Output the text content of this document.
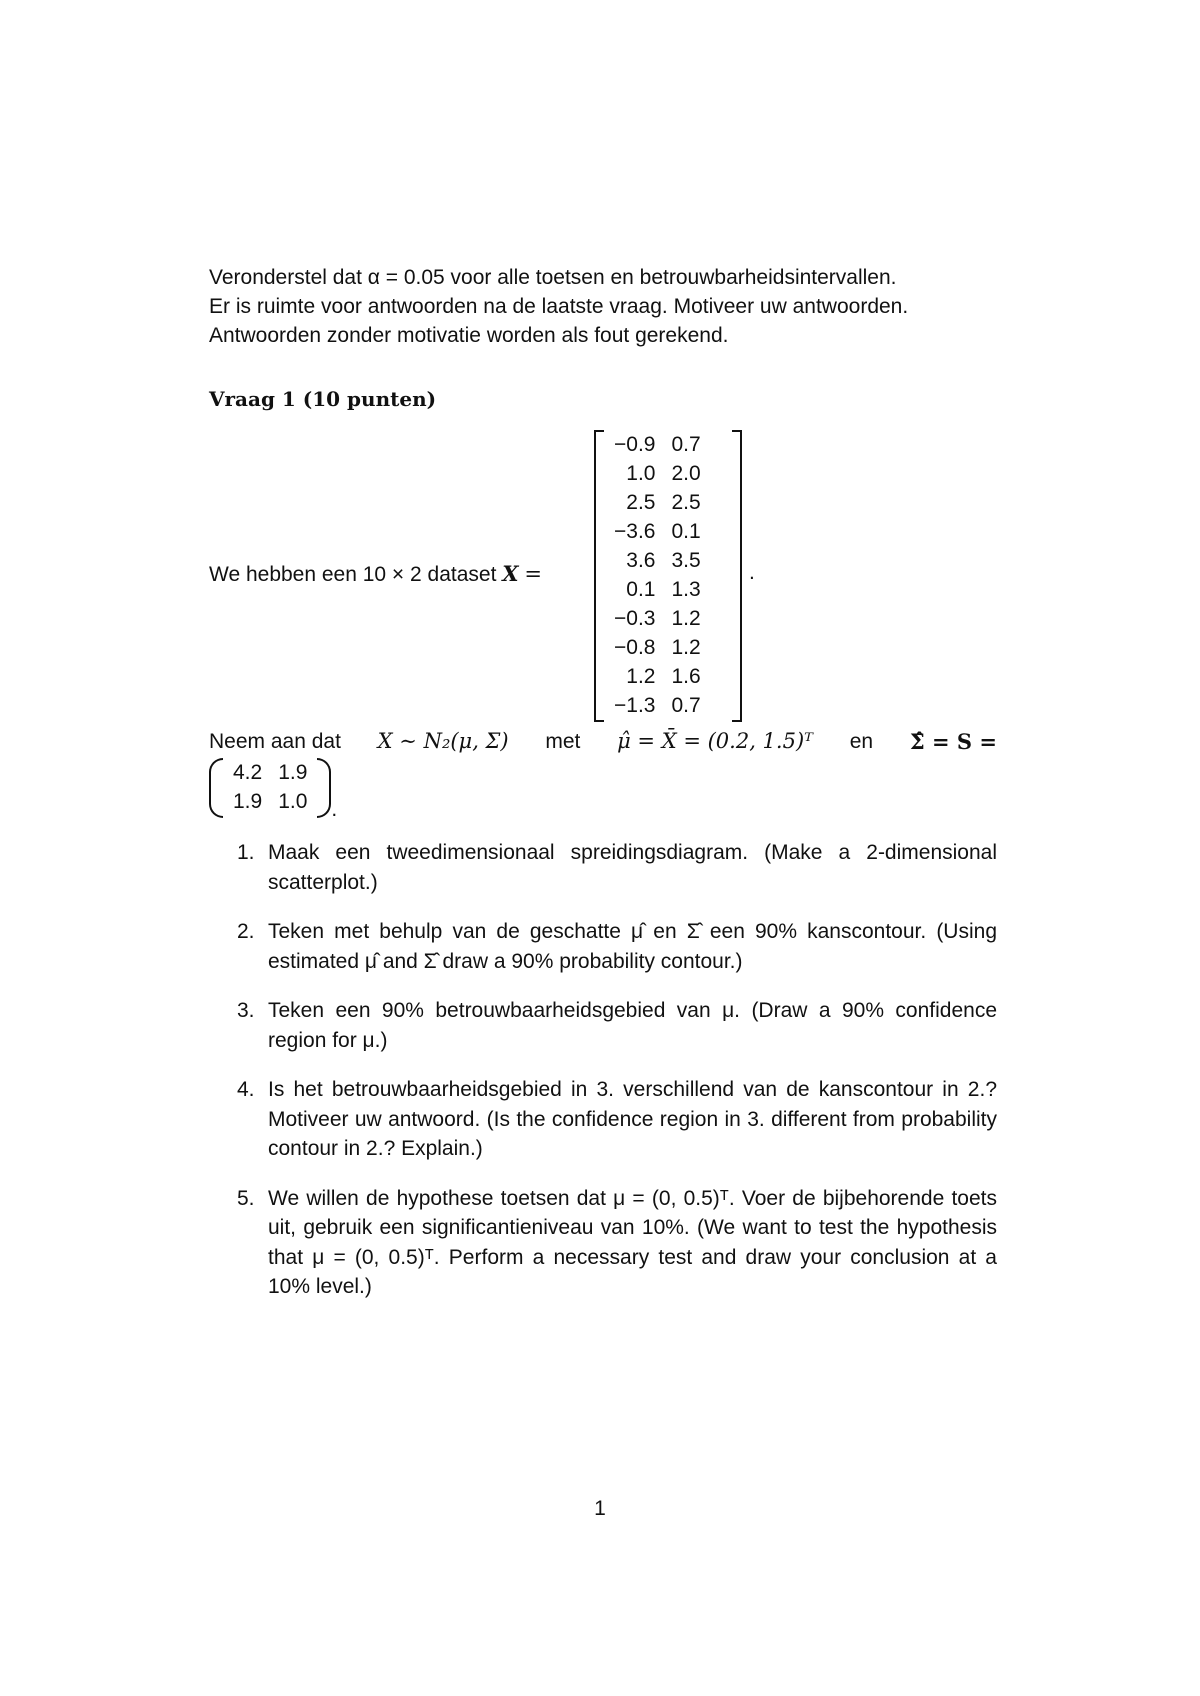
Veronderstel dat α = 0.05 voor alle toetsen en betrouwbarheidsintervallen.
Er is ruimte voor antwoorden na de laatste vraag. Motiveer uw antwoorden.
Antwoorden zonder motivatie worden als fout gerekend.
Vraag 1 (10 punten)
We hebben een 10 × 2 dataset X =
−0.9	0.7
1.0	2.0
2.5	2.5
−3.6	0.1
3.6	3.5
0.1	1.3
−0.3	1.2
−0.8	1.2
1.2	1.6
−1.3	0.7
.
Neem aan dat X ∼ N₂(μ, Σ) met μ̂ = X̄ = (0.2, 1.5)ᵀ en Σ̂ = S =
4.2	1.9
1.9	1.0 .
1. Maak een tweedimensionaal spreidingsdiagram. (Make a 2-dimensional scatterplot.)
2. Teken met behulp van de geschatte μ̂ en Σ̂ een 90% kanscontour. (Using estimated μ̂ and Σ̂ draw a 90% probability contour.)
3. Teken een 90% betrouwbaarheidsgebied van μ. (Draw a 90% confidence region for μ.)
4. Is het betrouwbaarheidsgebied in 3. verschillend van de kanscontour in 2.? Motiveer uw antwoord. (Is the confidence region in 3. different from probability contour in 2.? Explain.)
5. We willen de hypothese toetsen dat μ = (0, 0.5)ᵀ. Voer de bijbehorende toets uit, gebruik een significantieniveau van 10%. (We want to test the hypothesis that μ = (0, 0.5)ᵀ. Perform a necessary test and draw your conclusion at a 10% level.)
1
